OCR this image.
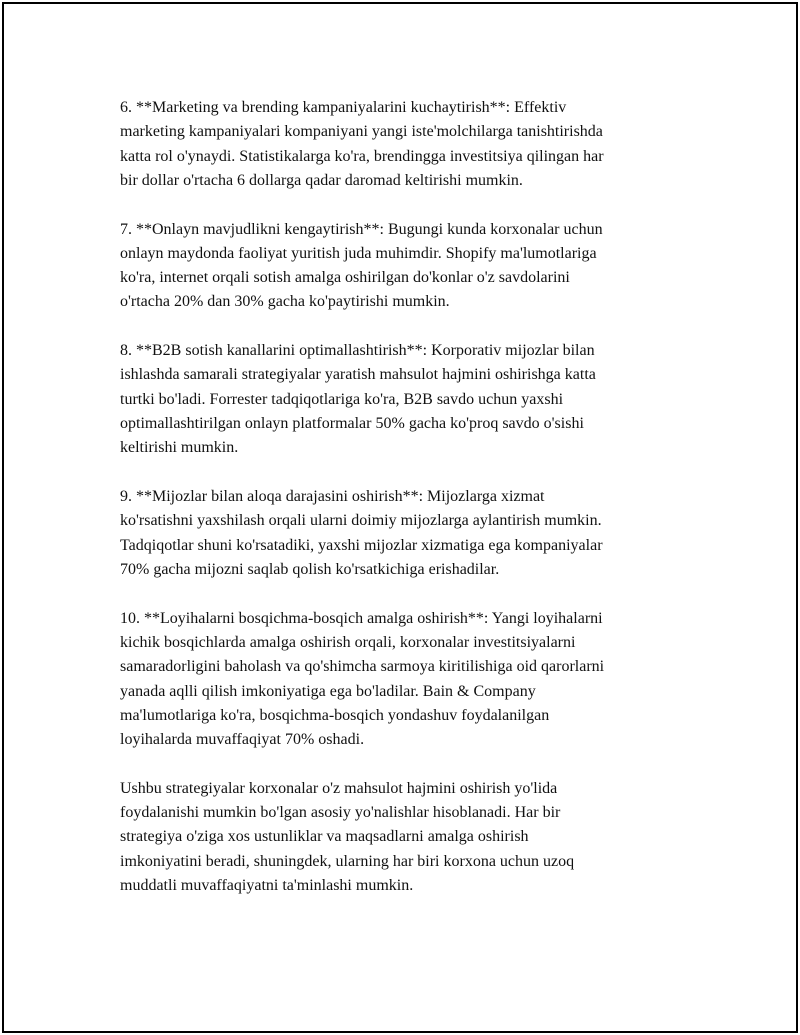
6. **Marketing va brending kampaniyalarini kuchaytirish**: Effektiv
marketing kampaniyalari kompaniyani yangi iste'molchilarga tanishtirishda
katta rol o'ynaydi. Statistikalarga ko'ra, brendingga investitsiya qilingan har
bir dollar o'rtacha 6 dollarga qadar daromad keltirishi mumkin.

7. **Onlayn mavjudlikni kengaytirish**: Bugungi kunda korxonalar uchun
onlayn maydonda faoliyat yuritish juda muhimdir. Shopify ma'lumotlariga
ko'ra, internet orqali sotish amalga oshirilgan do'konlar o'z savdolarini
o'rtacha 20% dan 30% gacha ko'paytirishi mumkin.

8. **B2B sotish kanallarini optimallashtirish**: Korporativ mijozlar bilan
ishlashda samarali strategiyalar yaratish mahsulot hajmini oshirishga katta
turtki bo'ladi. Forrester tadqiqotlariga ko'ra, B2B savdo uchun yaxshi
optimallashtirilgan onlayn platformalar 50% gacha ko'proq savdo o'sishi
keltirishi mumkin.

9. **Mijozlar bilan aloqa darajasini oshirish**: Mijozlarga xizmat
ko'rsatishni yaxshilash orqali ularni doimiy mijozlarga aylantirish mumkin.
Tadqiqotlar shuni ko'rsatadiki, yaxshi mijozlar xizmatiga ega kompaniyalar
70% gacha mijozni saqlab qolish ko'rsatkichiga erishadilar.

10. **Loyihalarni bosqichma-bosqich amalga oshirish**: Yangi loyihalarni
kichik bosqichlarda amalga oshirish orqali, korxonalar investitsiyalarni
samaradorligini baholash va qo'shimcha sarmoya kiritilishiga oid qarorlarni
yanada aqlli qilish imkoniyatiga ega bo'ladilar. Bain & Company
ma'lumotlariga ko'ra, bosqichma-bosqich yondashuv foydalanilgan
loyihalarda muvaffaqiyat 70% oshadi.

Ushbu strategiyalar korxonalar o'z mahsulot hajmini oshirish yo'lida
foydalanishi mumkin bo'lgan asosiy yo'nalishlar hisoblanadi. Har bir
strategiya o'ziga xos ustunliklar va maqsadlarni amalga oshirish
imkoniyatini beradi, shuningdek, ularning har biri korxona uchun uzoq
muddatli muvaffaqiyatni ta'minlashi mumkin.
